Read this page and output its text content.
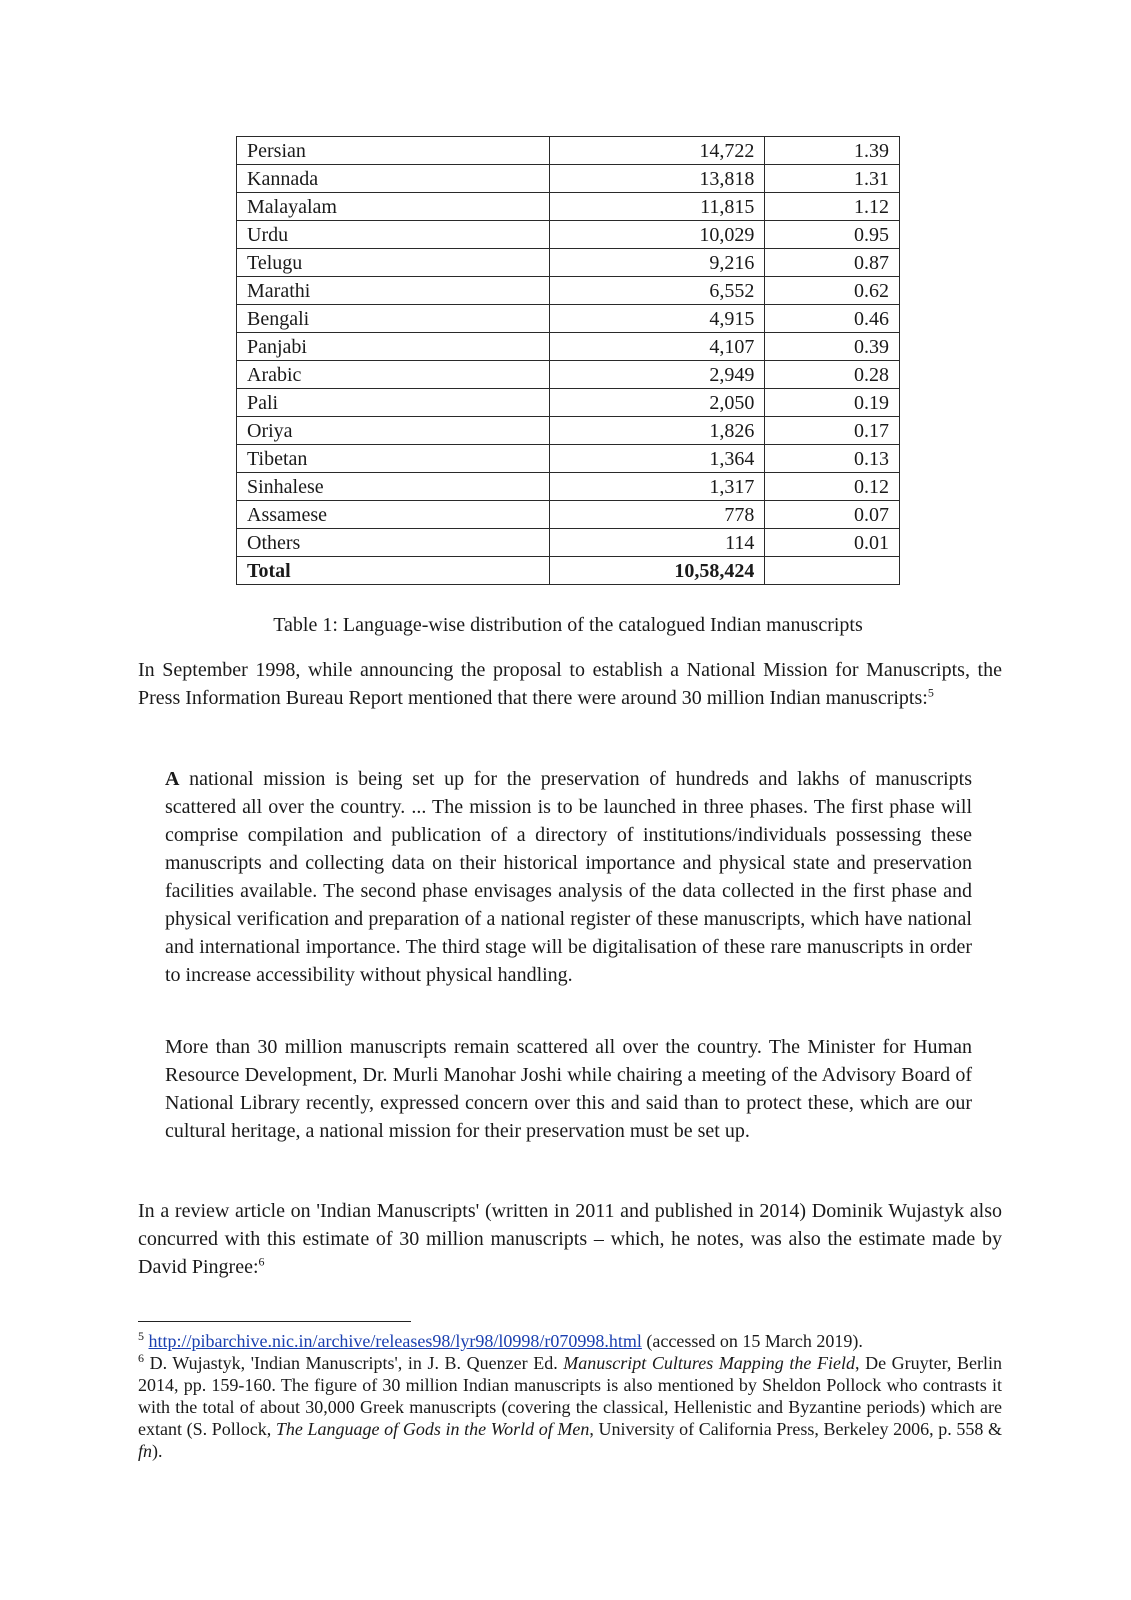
Persian	14,722	1.39
Kannada	13,818	1.31
Malayalam	11,815	1.12
Urdu	10,029	0.95
Telugu	9,216	0.87
Marathi	6,552	0.62
Bengali	4,915	0.46
Panjabi	4,107	0.39
Arabic	2,949	0.28
Pali	2,050	0.19
Oriya	1,826	0.17
Tibetan	1,364	0.13
Sinhalese	1,317	0.12
Assamese	778	0.07
Others	114	0.01
Total	10,58,424	
Table 1: Language-wise distribution of the catalogued Indian manuscripts

In September 1998, while announcing the proposal to establish a National Mission for Manuscripts, the Press Information Bureau Report mentioned that there were around 30 million Indian manuscripts:$^5$

A national mission is being set up for the preservation of hundreds and lakhs of manuscripts scattered all over the country. ... The mission is to be launched in three phases. The first phase will comprise compilation and publication of a directory of institutions/individuals possessing these manuscripts and collecting data on their historical importance and physical state and preservation facilities available. The second phase envisages analysis of the data collected in the first phase and physical verification and preparation of a national register of these manuscripts, which have national and international importance. The third stage will be digitalisation of these rare manuscripts in order to increase accessibility without physical handling.

More than 30 million manuscripts remain scattered all over the country. The Minister for Human Resource Development, Dr. Murli Manohar Joshi while chairing a meeting of the Advisory Board of National Library recently, expressed concern over this and said than to protect these, which are our cultural heritage, a national mission for their preservation must be set up.

In a review article on 'Indian Manuscripts' (written in 2011 and published in 2014) Dominik Wujastyk also concurred with this estimate of 30 million manuscripts – which, he notes, was also the estimate made by David Pingree:$^6$

$^5$ http://pibarchive.nic.in/archive/releases98/lyr98/l0998/r070998.html (accessed on 15 March 2019).

$^6$ D. Wujastyk, 'Indian Manuscripts', in J. B. Quenzer Ed. Manuscript Cultures Mapping the Field, De Gruyter, Berlin 2014, pp. 159-160. The figure of 30 million Indian manuscripts is also mentioned by Sheldon Pollock who contrasts it with the total of about 30,000 Greek manuscripts (covering the classical, Hellenistic and Byzantine periods) which are extant (S. Pollock, The Language of Gods in the World of Men, University of California Press, Berkeley 2006, p. 558 & fn).
